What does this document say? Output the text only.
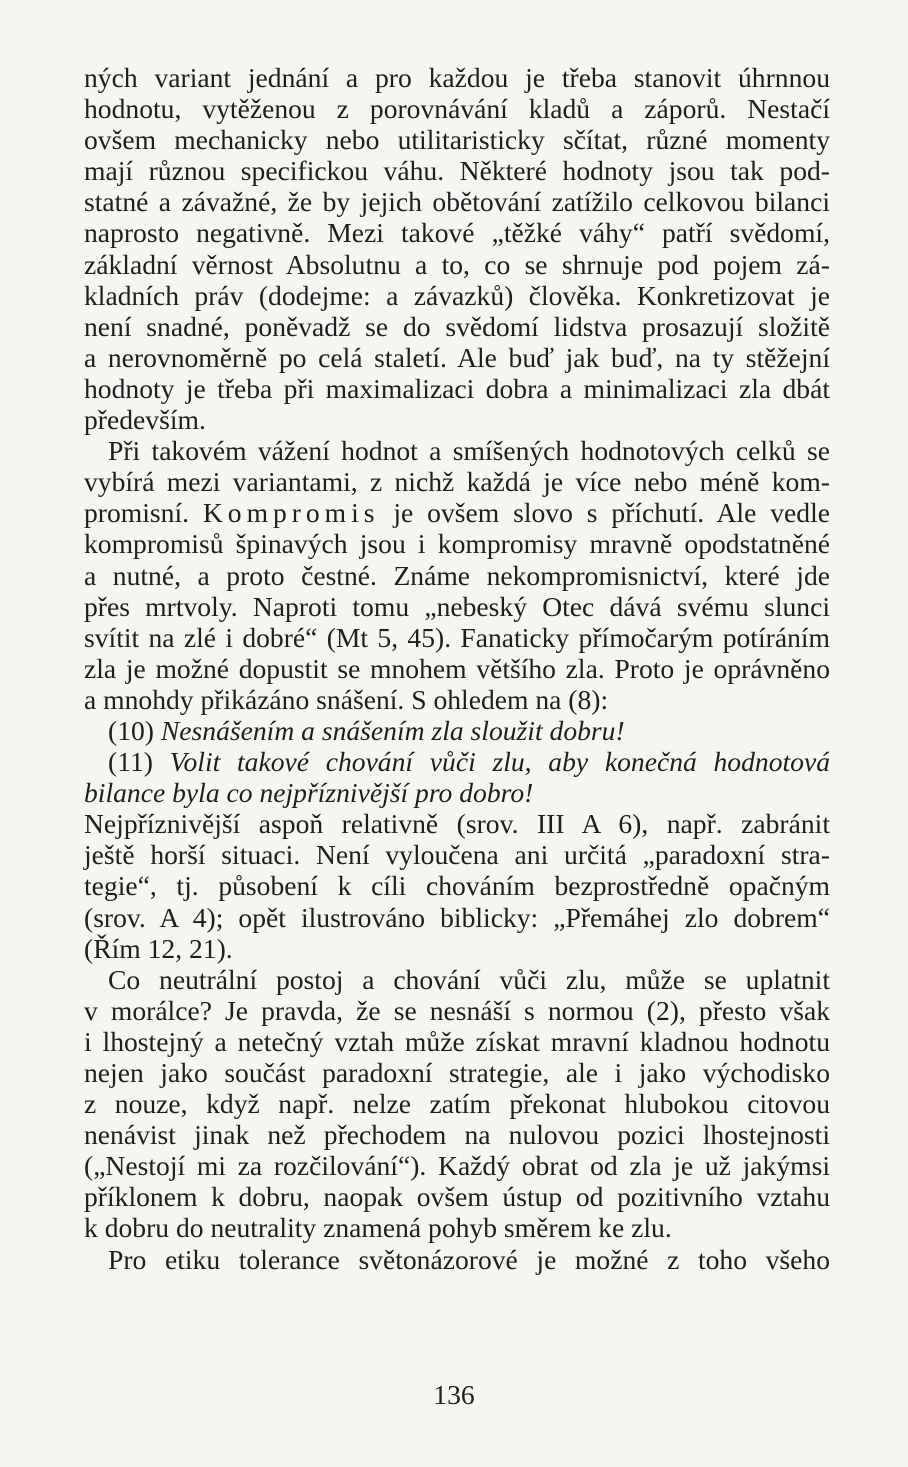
ných variant jednání a pro každou je třeba stanovit úhrnnou
hodnotu, vytěženou z porovnávání kladů a záporů. Nestačí
ovšem mechanicky nebo utilitaristicky sčítat, různé momenty
mají různou specifickou váhu. Některé hodnoty jsou tak pod-
statné a závažné, že by jejich obětování zatížilo celkovou bilanci
naprosto negativně. Mezi takové „těžké váhy“ patří svědomí,
základní věrnost Absolutnu a to, co se shrnuje pod pojem zá-
kladních práv (dodejme: a závazků) člověka. Konkretizovat je
není snadné, poněvadž se do svědomí lidstva prosazují složitě
a nerovnoměrně po celá staletí. Ale buď jak buď, na ty stěžejní
hodnoty je třeba při maximalizaci dobra a minimalizaci zla dbát
především.
Při takovém vážení hodnot a smíšených hodnotových celků se
vybírá mezi variantami, z nichž každá je více nebo méně kom-
promisní. Kompromis je ovšem slovo s příchutí. Ale vedle
kompromisů špinavých jsou i kompromisy mravně opodstatněné
a nutné, a proto čestné. Známe nekompromisnictví, které jde
přes mrtvoly. Naproti tomu „nebeský Otec dává svému slunci
svítit na zlé i dobré“ (Mt 5, 45). Fanaticky přímočarým potíráním
zla je možné dopustit se mnohem většího zla. Proto je oprávněno
a mnohdy přikázáno snášení. S ohledem na (8):
(10) Nesnášením a snášením zla sloužit dobru!
(11) Volit takové chování vůči zlu, aby konečná hodnotová
bilance byla co nejpříznivější pro dobro!
Nejpříznivější aspoň relativně (srov. III A 6), např. zabránit
ještě horší situaci. Není vyloučena ani určitá „paradoxní stra-
tegie“, tj. působení k cíli chováním bezprostředně opačným
(srov. A 4); opět ilustrováno biblicky: „Přemáhej zlo dobrem“
(Řím 12, 21).
Co neutrální postoj a chování vůči zlu, může se uplatnit
v morálce? Je pravda, že se nesnáší s normou (2), přesto však
i lhostejný a netečný vztah může získat mravní kladnou hodnotu
nejen jako součást paradoxní strategie, ale i jako východisko
z nouze, když např. nelze zatím překonat hlubokou citovou
nenávist jinak než přechodem na nulovou pozici lhostejnosti
(„Nestojí mi za rozčilování“). Každý obrat od zla je už jakýmsi
příklonem k dobru, naopak ovšem ústup od pozitivního vztahu
k dobru do neutrality znamená pohyb směrem ke zlu.
Pro etiku tolerance světonázorové je možné z toho všeho
136
